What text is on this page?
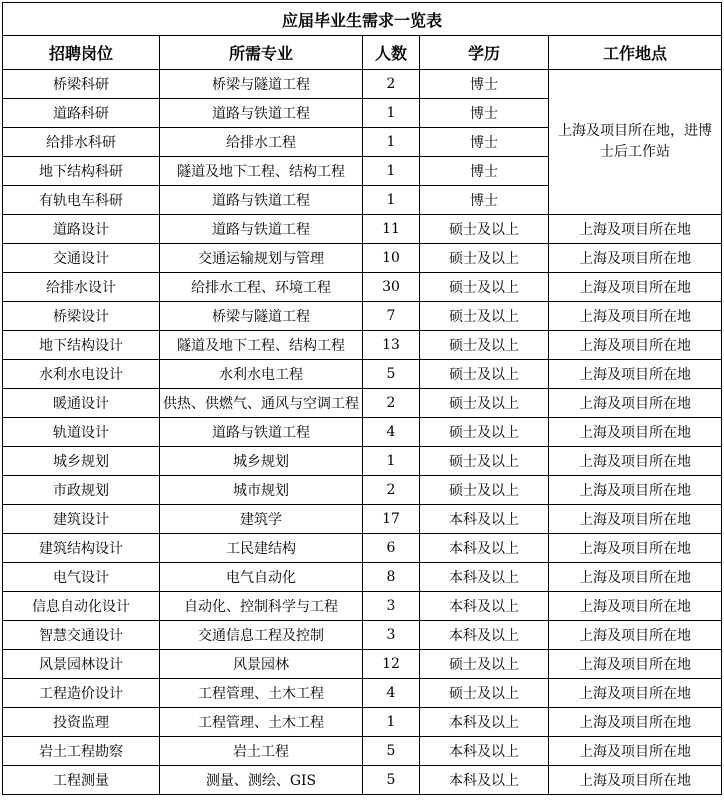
应届毕业生需求一览表				
招聘岗位	所需专业	人数	学历	工作地点
桥梁科研	桥梁与隧道工程	2	博士	上海及项目所在地，进博士后工作站
道路科研	道路与铁道工程	1	博士	
给排水科研	给排水工程	1	博士	
地下结构科研	隧道及地下工程、结构工程	1	博士	
有轨电车科研	道路与铁道工程	1	博士	
道路设计	道路与铁道工程	11	硕士及以上	上海及项目所在地
交通设计	交通运输规划与管理	10	硕士及以上	上海及项目所在地
给排水设计	给排水工程、环境工程	30	硕士及以上	上海及项目所在地
桥梁设计	桥梁与隧道工程	7	硕士及以上	上海及项目所在地
地下结构设计	隧道及地下工程、结构工程	13	硕士及以上	上海及项目所在地
水利水电设计	水利水电工程	5	硕士及以上	上海及项目所在地
暖通设计	供热、供燃气、通风与空调工程	2	硕士及以上	上海及项目所在地
轨道设计	道路与铁道工程	4	硕士及以上	上海及项目所在地
城乡规划	城乡规划	1	硕士及以上	上海及项目所在地
市政规划	城市规划	2	硕士及以上	上海及项目所在地
建筑设计	建筑学	17	本科及以上	上海及项目所在地
建筑结构设计	工民建结构	6	本科及以上	上海及项目所在地
电气设计	电气自动化	8	本科及以上	上海及项目所在地
信息自动化设计	自动化、控制科学与工程	3	本科及以上	上海及项目所在地
智慧交通设计	交通信息工程及控制	3	本科及以上	上海及项目所在地
风景园林设计	风景园林	12	硕士及以上	上海及项目所在地
工程造价设计	工程管理、土木工程	4	硕士及以上	上海及项目所在地
投资监理	工程管理、土木工程	1	本科及以上	上海及项目所在地
岩土工程勘察	岩土工程	5	本科及以上	上海及项目所在地
工程测量	测量、测绘、GIS	5	本科及以上	上海及项目所在地
